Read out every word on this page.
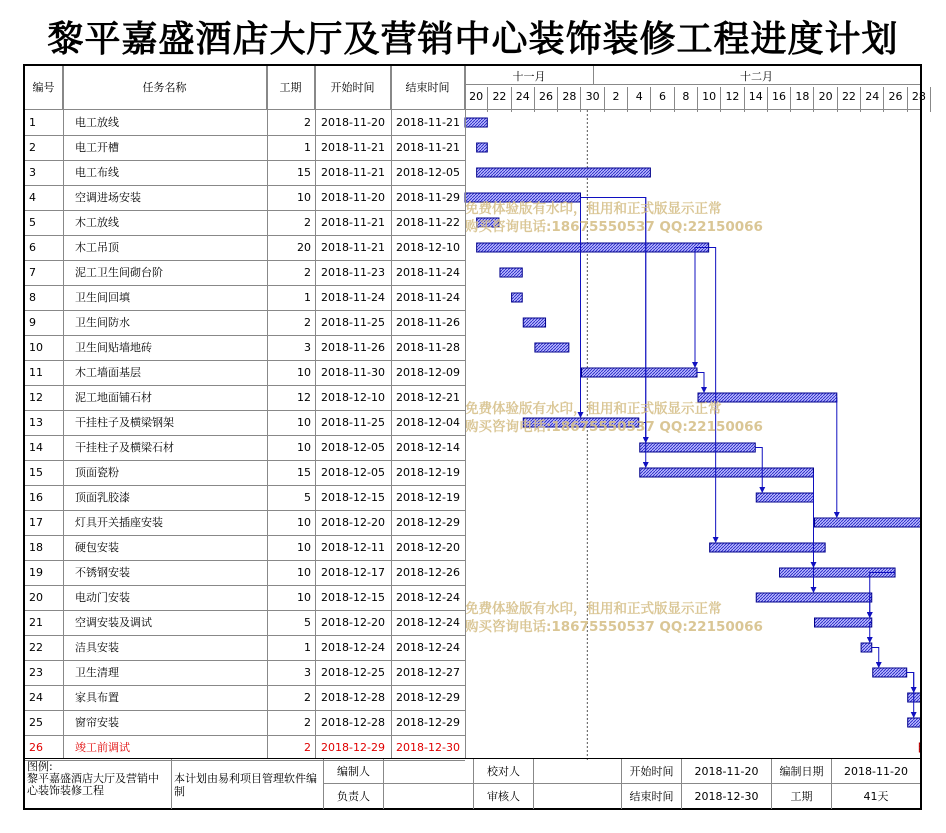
黎平嘉盛酒店大厅及营销中心装饰装修工程进度计划
编号	任务名称	工期	开始时间	结束时间
十一月	十二月
20 22 24 26 28 30	2	4	6	8	10 12 14 16 18 20 22 24 26 28
1	电工放线	2 2018-11-20	2018-11-21
2	电工开槽	1 2018-11-21	2018-11-21
3	电工布线	15 2018-11-21	2018-12-05
4	空调进场安装	10 2018-11-20	2018-11-29
5	木工放线	2 2018-11-21	2018-11-22
6	木工吊顶	20 2018-11-21	2018-12-10
7	泥工卫生间砌台阶	2 2018-11-23	2018-11-24
8	卫生间回填	1 2018-11-24	2018-11-24
9	卫生间防水	2 2018-11-25	2018-11-26
10	卫生间贴墙地砖	3 2018-11-26	2018-11-28
11	木工墙面基层	10 2018-11-30	2018-12-09
12	泥工地面铺石材	12 2018-12-10	2018-12-21
13	干挂柱子及横梁钢架	10 2018-11-25	2018-12-04
14	干挂柱子及横梁石材	10 2018-12-05	2018-12-14
15	顶面瓷粉	15 2018-12-05	2018-12-19
16	顶面乳胶漆	5 2018-12-15	2018-12-19
17	灯具开关插座安装	10 2018-12-20	2018-12-29
18	硬包安装	10 2018-12-11	2018-12-20
19	不锈钢安装	10 2018-12-17	2018-12-26
20	电动门安装	10 2018-12-15	2018-12-24
21	空调安装及调试	5 2018-12-20	2018-12-24
22	洁具安装	1 2018-12-24	2018-12-24
23	卫生清理	3 2018-12-25	2018-12-27
24	家具布置	2 2018-12-28	2018-12-29
25	窗帘安装	2 2018-12-28	2018-12-29
26	竣工前调试	2 2018-12-29	2018-12-30
免费体验版有水印，租用和正式版显示正常
购买咨询电话:18675550537 QQ:22150066
免费体验版有水印，租用和正式版显示正常
购买咨询电话:18675550537 QQ:22150066
免费体验版有水印，租用和正式版显示正常
购买咨询电话:18675550537 QQ:22150066
图例:
黎平嘉盛酒店大厅及营销中心装饰装修工程
本计划由易利项目管理软件编制
编制人	校对人	开始时间	2018-11-20	编制日期	2018-11-20
负责人	审核人	结束时间	2018-12-30	工期	41天
